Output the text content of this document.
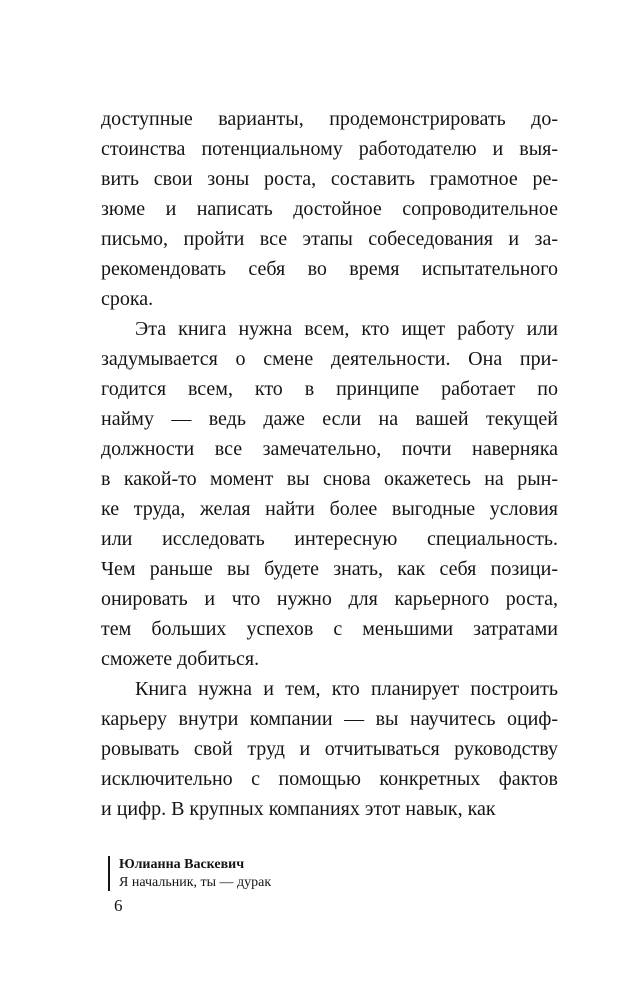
доступные варианты, продемонстрировать до-
стоинства потенциальному работодателю и выя-
вить свои зоны роста, составить грамотное ре-
зюме и написать достойное сопроводительное
письмо, пройти все этапы собеседования и за-
рекомендовать себя во время испытательного
срока.
Эта книга нужна всем, кто ищет работу или
задумывается о смене деятельности. Она при-
годится всем, кто в принципе работает по
найму — ведь даже если на вашей текущей
должности все замечательно, почти наверняка
в какой-то момент вы снова окажетесь на рын-
ке труда, желая найти более выгодные условия
или исследовать интересную специальность.
Чем раньше вы будете знать, как себя позици-
онировать и что нужно для карьерного роста,
тем больших успехов с меньшими затратами
сможете добиться.
Книга нужна и тем, кто планирует построить
карьеру внутри компании — вы научитесь оциф-
ровывать свой труд и отчитываться руководству
исключительно с помощью конкретных фактов
и цифр. В крупных компаниях этот навык, как
Юлианна Васкевич
Я начальник, ты — дурак
6
